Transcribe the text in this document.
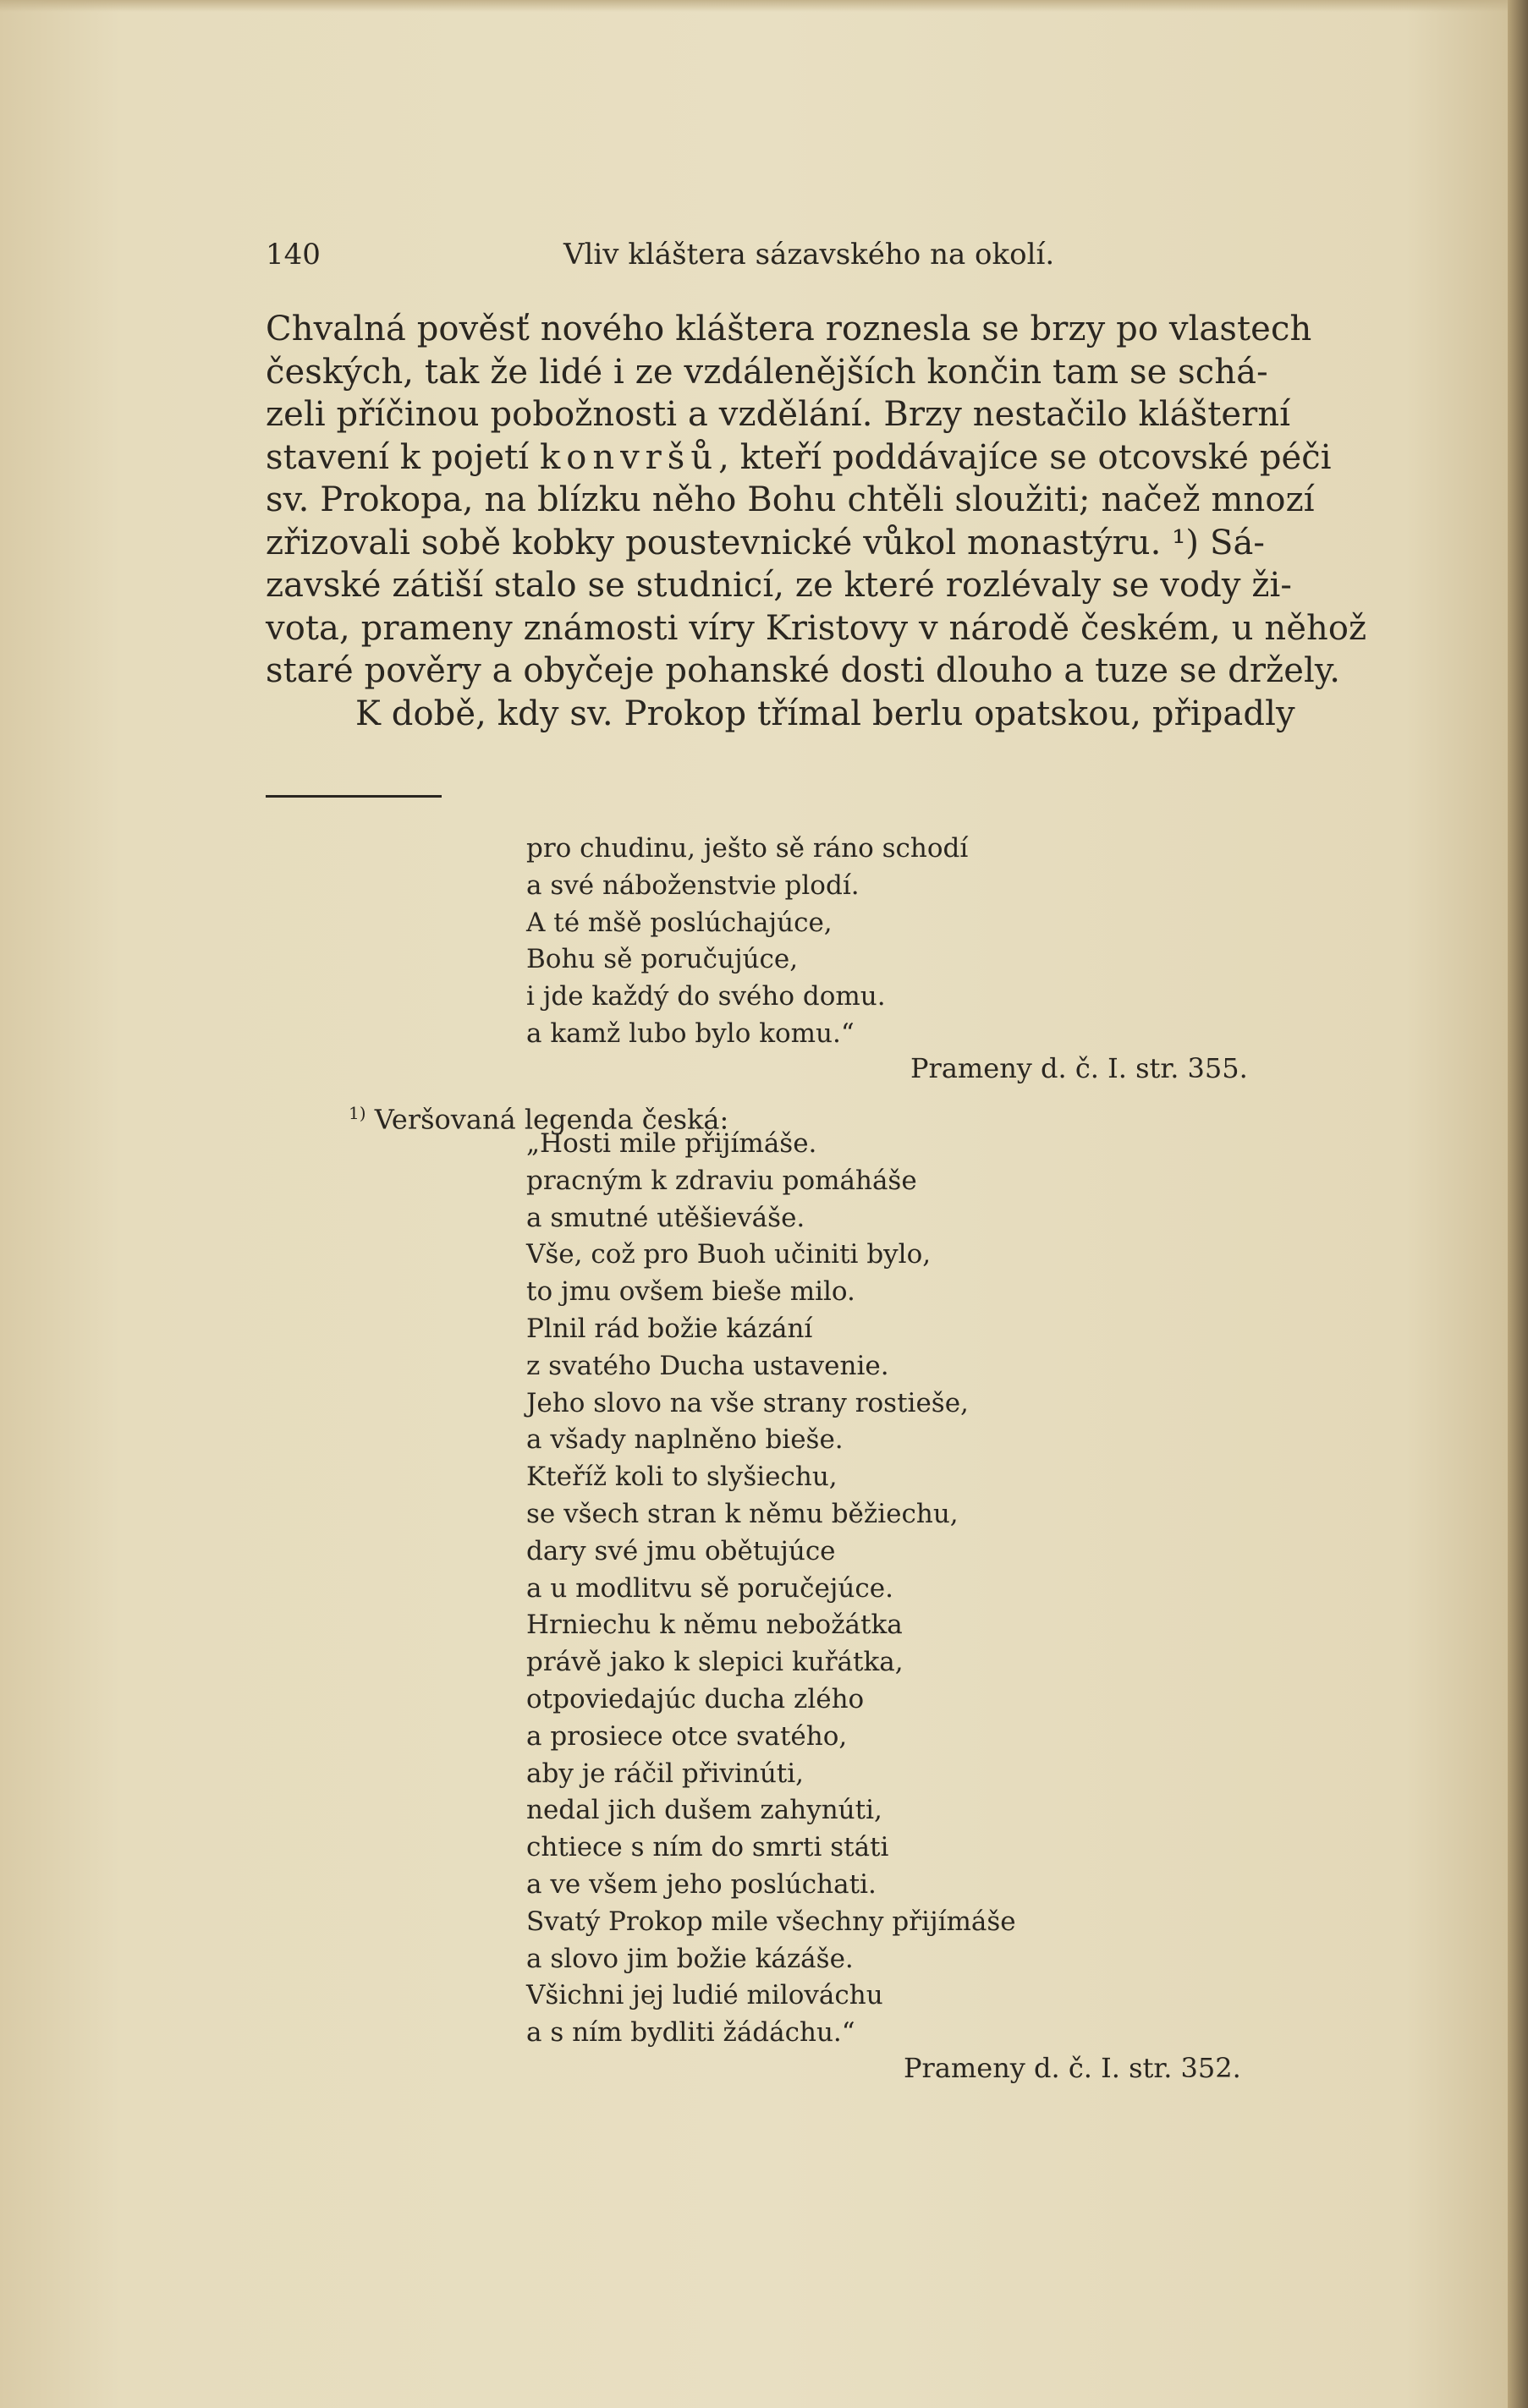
140	Vliv kláštera sázavského na okolí.
Chvalná pověsť nového kláštera roznesla se brzy po vlastech
českých, tak že lidé i ze vzdálenějších končin tam se schá-
zeli příčinou pobožnosti a vzdělání. Brzy nestačilo klášterní
stavení k pojetí konvršů, kteří poddávajíce se otcovské péči
sv. Prokopa, na blízku něho Bohu chtěli sloužiti; načež mnozí
zřizovali sobě kobky poustevnické vůkol monastýru. ¹) Sá-
zavské zátiší stalo se studnicí, ze které rozlévaly se vody ži-
vota, prameny známosti víry Kristovy v národě českém, u něhož
staré pověry a obyčeje pohanské dosti dlouho a tuze se držely.
K době, kdy sv. Prokop třímal berlu opatskou, připadly
pro chudinu, ješto sě ráno schodí
a své náboženstvie plodí.
A té mšě poslúchajúce,
Bohu sě poručujúce,
i jde každý do svého domu.
a kamž lubo bylo komu.“
Prameny d. č. I. str. 355.
$^{1)}$ Veršovaná legenda česká:
„Hosti mile přijímáše.
pracným k zdraviu pomáháše
a smutné utěšieváše.
Vše, což pro Buoh učiniti bylo,
to jmu ovšem bieše milo.
Plnil rád božie kázání
z svatého Ducha ustavenie.
Jeho slovo na vše strany rostieše,
a všady naplněno bieše.
Kteříž koli to slyšiechu,
se všech stran k němu běžiechu,
dary své jmu obětujúce
a u modlitvu sě poručejúce.
Hrniechu k němu nebožátka
právě jako k slepici kuřátka,
otpoviedajúc ducha zlého
a prosiece otce svatého,
aby je ráčil přivinúti,
nedal jich dušem zahynúti,
chtiece s ním do smrti státi
a ve všem jeho poslúchati.
Svatý Prokop mile všechny přijímáše
a slovo jim božie kázáše.
Všichni jej ludié milováchu
a s ním bydliti žádáchu.“
Prameny d. č. I. str. 352.
